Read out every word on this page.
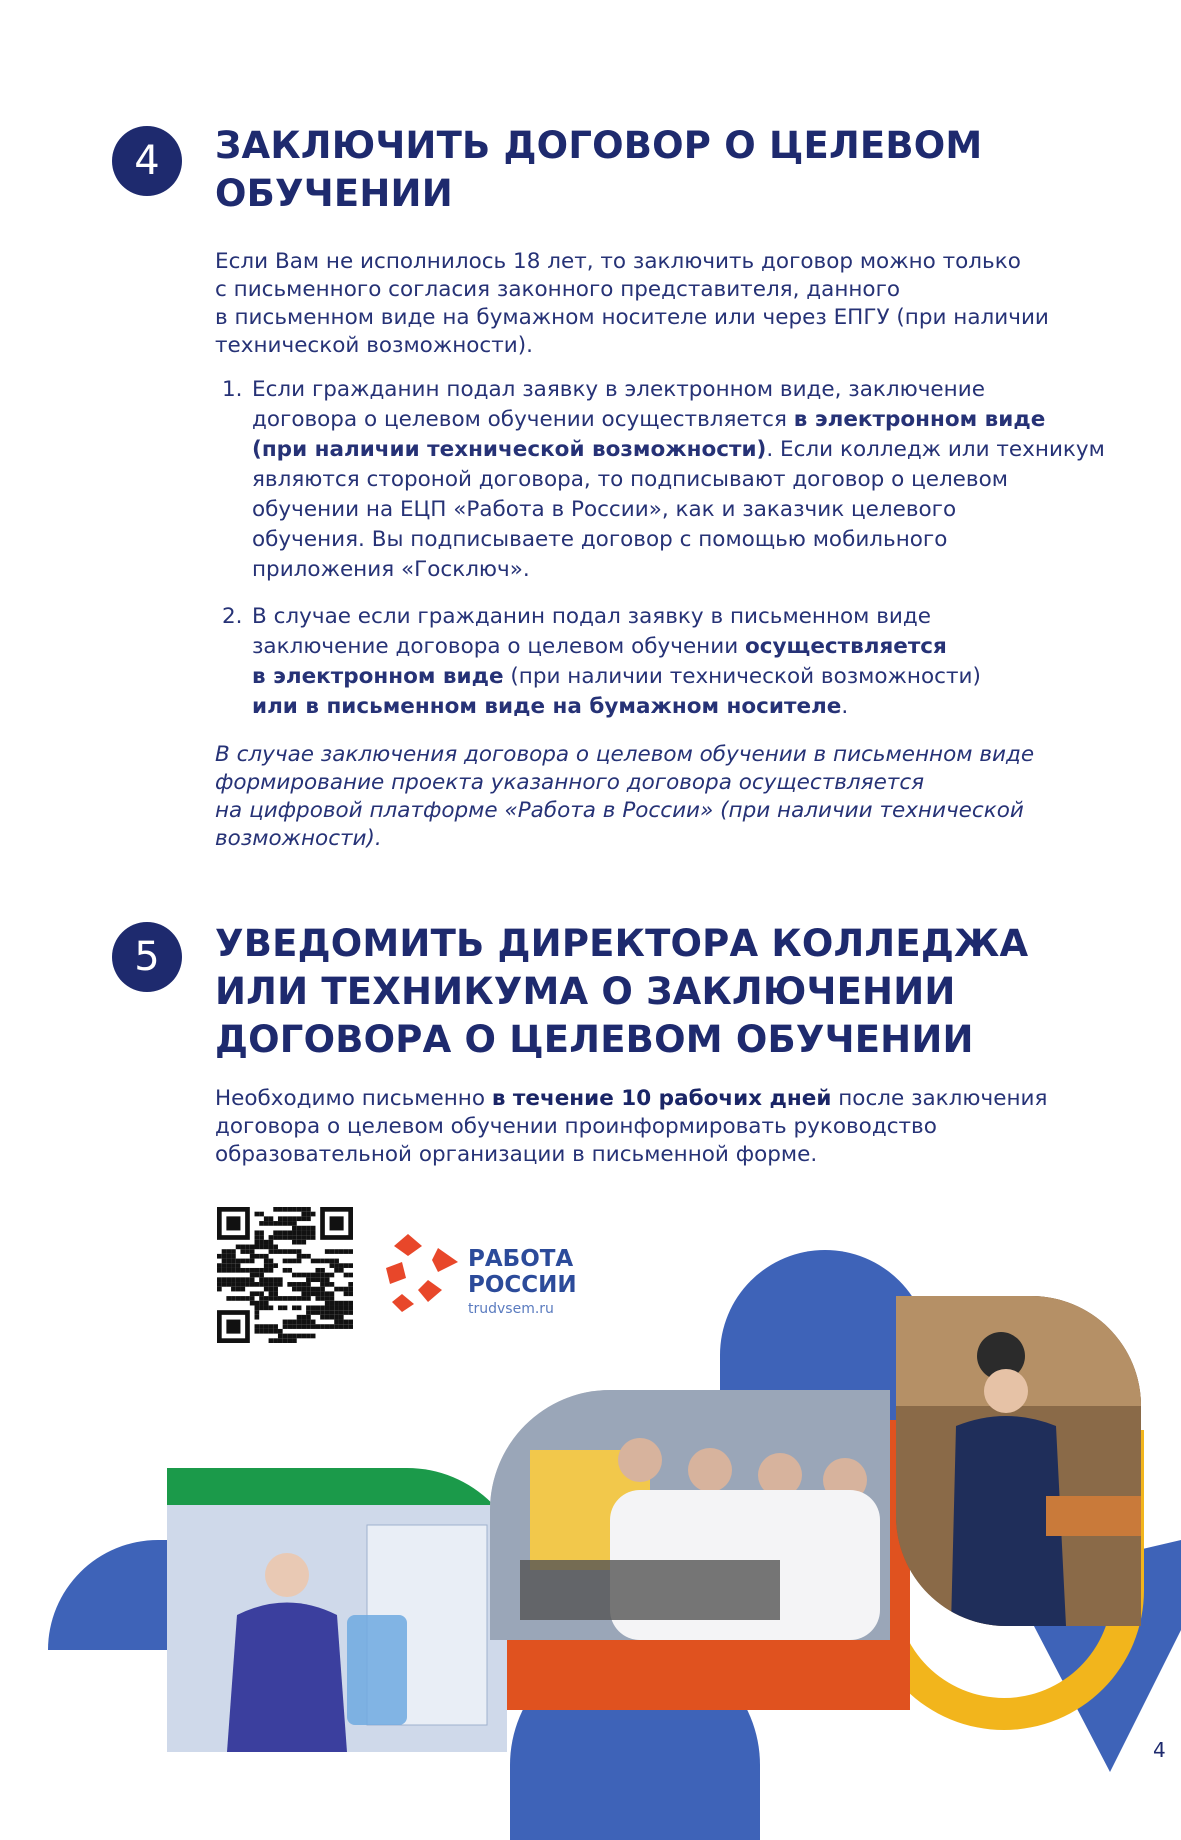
4	ЗАКЛЮЧИТЬ ДОГОВОР О ЦЕЛЕВОМ
ОБУЧЕНИИ

Если Вам не исполнилось 18 лет, то заключить договор можно только
с письменного согласия законного представителя, данного
в письменном виде на бумажном носителе или через ЕПГУ (при наличии
технической возможности).

1. Если гражданин подал заявку в электронном виде, заключение
договора о целевом обучении осуществляется в электронном виде
(при наличии технической возможности). Если колледж или техникум
являются стороной договора, то подписывают договор о целевом
обучении на ЕЦП «Работа в России», как и заказчик целевого
обучения. Вы подписываете договор с помощью мобильного
приложения «Госключ».
2. В случае если гражданин подал заявку в письменном виде
заключение договора о целевом обучении осуществляется
в электронном виде (при наличии технической возможности)
или в письменном виде на бумажном носителе.

В случае заключения договора о целевом обучении в письменном виде
формирование проекта указанного договора осуществляется
на цифровой платформе «Работа в России» (при наличии технической
возможности).

5	УВЕДОМИТЬ ДИРЕКТОРА КОЛЛЕДЖА
ИЛИ ТЕХНИКУМА О ЗАКЛЮЧЕНИИ
ДОГОВОРА О ЦЕЛЕВОМ ОБУЧЕНИИ

Необходимо письменно в течение 10 рабочих дней после заключения
договора о целевом обучении проинформировать руководство
образовательной организации в письменной форме.

РАБОТА
РОССИИ
trudvsem.ru
4
